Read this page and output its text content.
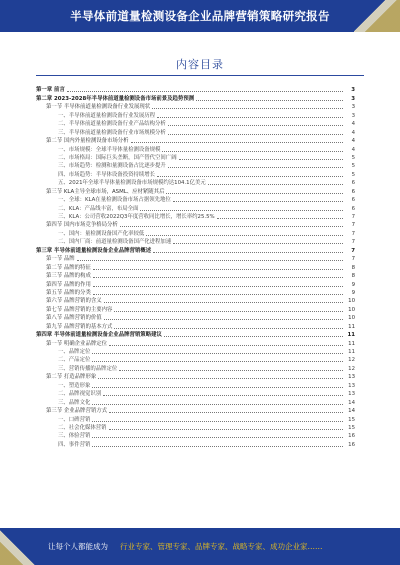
半导体前道量检测设备企业品牌营销策略研究报告
内容目录
第一章 前言	3
第二章 2023-2028年半导体前道量检测设备市场前景及趋势预测	3
第一节 半导体前道量检测设备行业发展现状	3
一、半导体前道量检测设备行业发展历程	3
二、半导体前道量检测设备行业产品结构分析	4
三、半导体前道量检测设备行业市场规模分析	4
第二节 国内外量检测设备市场分析	4
一、市场规模：全球半导体量检测设备规模	4
二、市场格局：国际巨头垄断，国产替代空间广阔	5
三、市场趋势：检测和量测设备占比逐步提升	5
四、市场趋势：半导体设备投资持续增长	5
五、2021年全球半导体量检测设备市场规模约达104.1亿美元	6
第三节 KLA主导全球市场，ASML、应材紧随其后	6
一、全球：KLA在量检测设备市场占据领先地位	6
二、KLA：产品线丰富，布局全面	6
三、KLA：公司营收2022Q3年度营收同比增长，增长率约25.5%	7
第四节 国内市场竞争格局分析	7
一、国内：量检测设备国产化率较低	7
二、国内厂商：前道量检测设备国产化进程加速	7
第三章 半导体前道量检测设备企业品牌营销概述	7
第一节 品牌	7
第二节 品牌的特征	8
第三节 品牌的构成	8
第四节 品牌的作用	9
第五节 品牌的分类	9
第六节 品牌营销的含义	10
第七节 品牌营销的主要内容	10
第八节 品牌营销的价值	10
第九节 品牌营销的基本方式	11
第四章 半导体前道量检测设备企业品牌营销策略建议	11
第一节 明确企业品牌定位	11
一、品牌定位	11
二、产品定位	12
三、营销传播的品牌定位	12
第二节 打造品牌形象	13
一、塑造形象	13
二、品牌视觉识别	13
三、品牌文化	14
第三节 企业品牌营销方式	14
一、口碑营销	15
二、社会化媒体营销	15
三、体验营销	16
四、事件营销	16
让每个人都能成为 行业专家、管理专家、品牌专家、战略专家、成功企业家……
